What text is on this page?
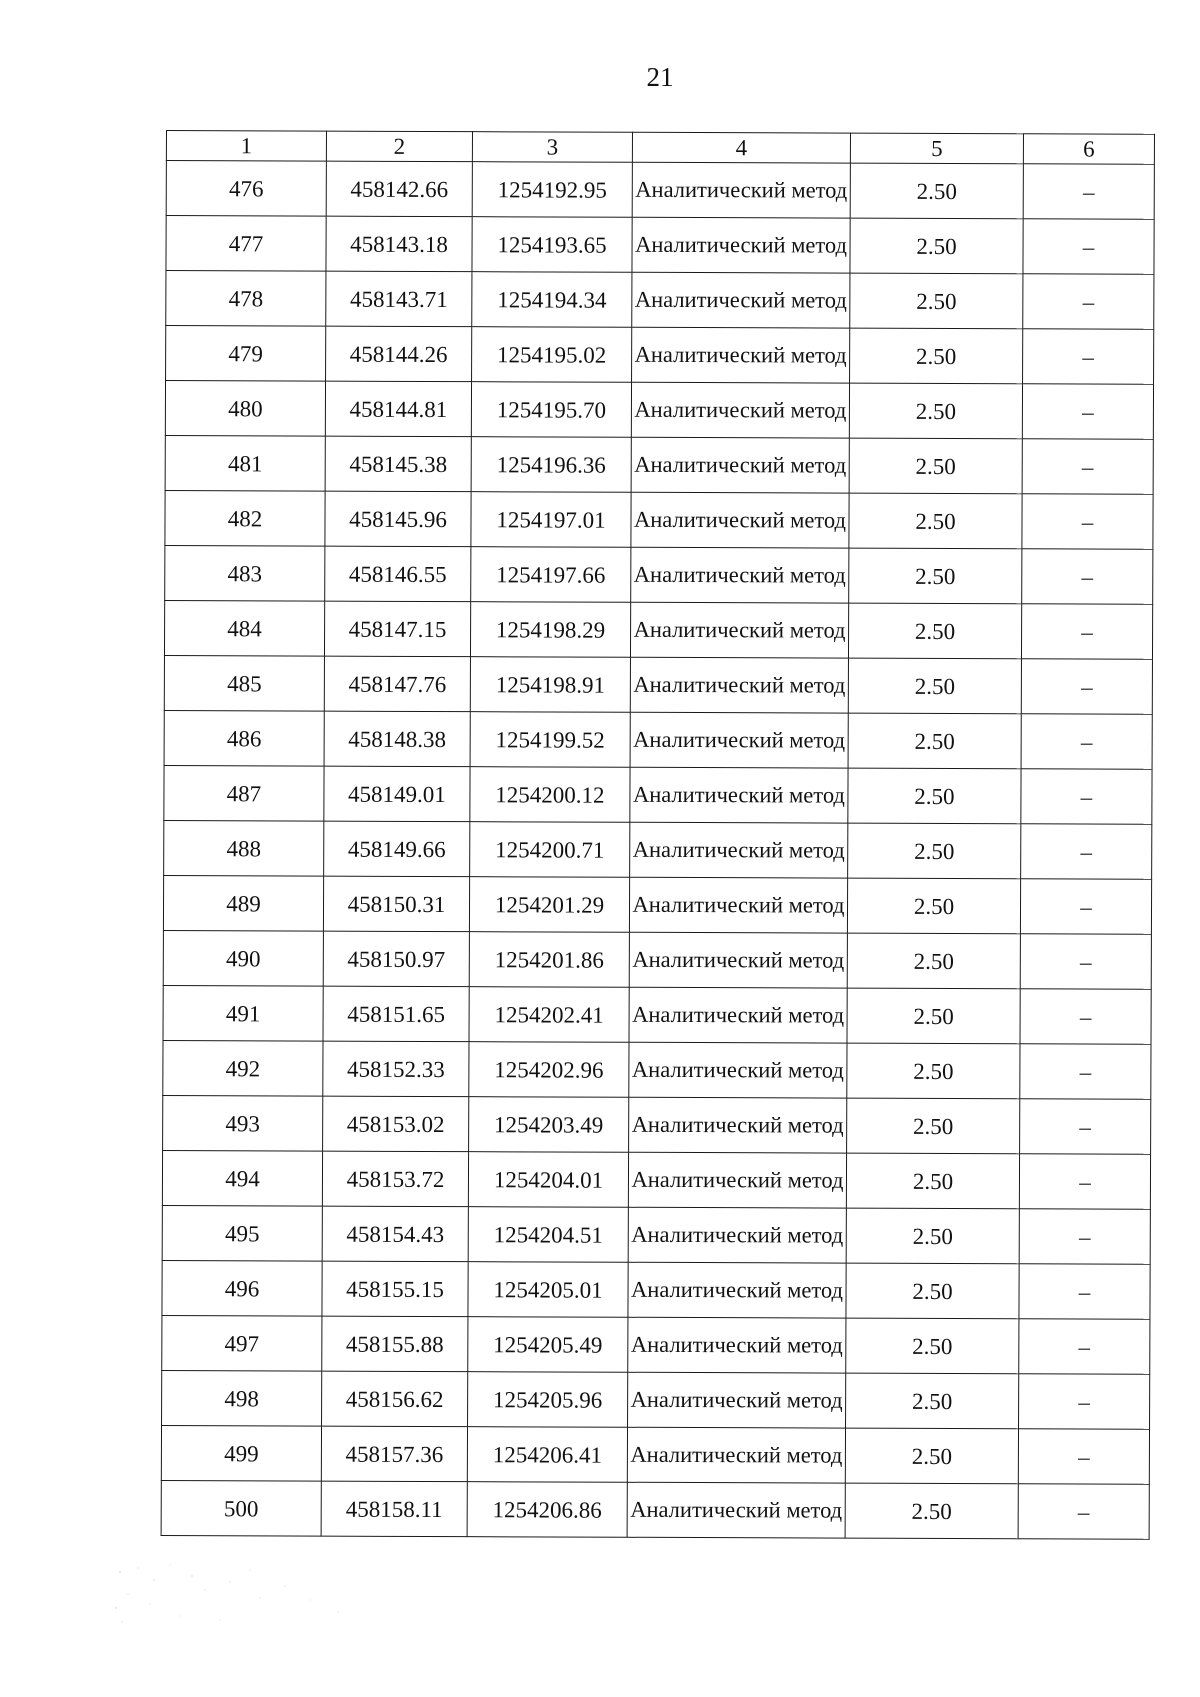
21
1	2	3	4	5	6
476	458142.66	1254192.95	Аналитический метод	2.50	–
477	458143.18	1254193.65	Аналитический метод	2.50	–
478	458143.71	1254194.34	Аналитический метод	2.50	–
479	458144.26	1254195.02	Аналитический метод	2.50	–
480	458144.81	1254195.70	Аналитический метод	2.50	–
481	458145.38	1254196.36	Аналитический метод	2.50	–
482	458145.96	1254197.01	Аналитический метод	2.50	–
483	458146.55	1254197.66	Аналитический метод	2.50	–
484	458147.15	1254198.29	Аналитический метод	2.50	–
485	458147.76	1254198.91	Аналитический метод	2.50	–
486	458148.38	1254199.52	Аналитический метод	2.50	–
487	458149.01	1254200.12	Аналитический метод	2.50	–
488	458149.66	1254200.71	Аналитический метод	2.50	–
489	458150.31	1254201.29	Аналитический метод	2.50	–
490	458150.97	1254201.86	Аналитический метод	2.50	–
491	458151.65	1254202.41	Аналитический метод	2.50	–
492	458152.33	1254202.96	Аналитический метод	2.50	–
493	458153.02	1254203.49	Аналитический метод	2.50	–
494	458153.72	1254204.01	Аналитический метод	2.50	–
495	458154.43	1254204.51	Аналитический метод	2.50	–
496	458155.15	1254205.01	Аналитический метод	2.50	–
497	458155.88	1254205.49	Аналитический метод	2.50	–
498	458156.62	1254205.96	Аналитический метод	2.50	–
499	458157.36	1254206.41	Аналитический метод	2.50	–
500	458158.11	1254206.86	Аналитический метод	2.50	–
